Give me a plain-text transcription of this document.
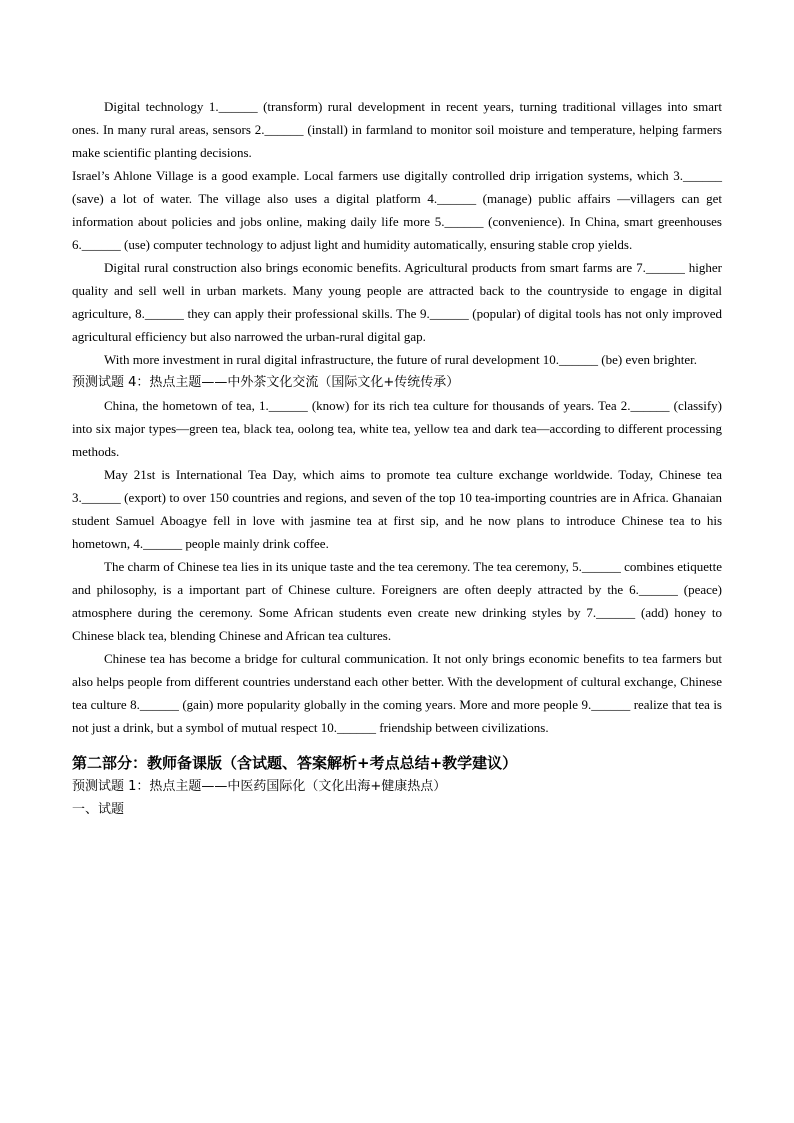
Digital technology 1.______ (transform) rural development in recent years, turning traditional villages into smart ones. In many rural areas, sensors 2.______ (install) in farmland to monitor soil moisture and temperature, helping farmers make scientific planting decisions.

Israel’s Ahlone Village is a good example. Local farmers use digitally controlled drip irrigation systems, which 3.______ (save) a lot of water. The village also uses a digital platform 4.______ (manage) public affairs —villagers can get information about policies and jobs online, making daily life more 5.______ (convenience). In China, smart greenhouses 6.______ (use) computer technology to adjust light and humidity automatically, ensuring stable crop yields.

Digital rural construction also brings economic benefits. Agricultural products from smart farms are 7.______ higher quality and sell well in urban markets. Many young people are attracted back to the countryside to engage in digital agriculture, 8.______ they can apply their professional skills. The 9.______ (popular) of digital tools has not only improved agricultural efficiency but also narrowed the urban-rural digital gap.

With more investment in rural digital infrastructure, the future of rural development 10.______ (be) even brighter.

预测试题 4：热点主题——中外茶文化交流（国际文化+传统传承）

China, the hometown of tea, 1.______ (know) for its rich tea culture for thousands of years. Tea 2.______ (classify) into six major types—green tea, black tea, oolong tea, white tea, yellow tea and dark tea—according to different processing methods.

May 21st is International Tea Day, which aims to promote tea culture exchange worldwide. Today, Chinese tea 3.______ (export) to over 150 countries and regions, and seven of the top 10 tea-importing countries are in Africa. Ghanaian student Samuel Aboagye fell in love with jasmine tea at first sip, and he now plans to introduce Chinese tea to his hometown, 4.______ people mainly drink coffee.

The charm of Chinese tea lies in its unique taste and the tea ceremony. The tea ceremony, 5.______ combines etiquette and philosophy, is a important part of Chinese culture. Foreigners are often deeply attracted by the 6.______ (peace) atmosphere during the ceremony. Some African students even create new drinking styles by 7.______ (add) honey to Chinese black tea, blending Chinese and African tea cultures.

Chinese tea has become a bridge for cultural communication. It not only brings economic benefits to tea farmers but also helps people from different countries understand each other better. With the development of cultural exchange, Chinese tea culture 8.______ (gain) more popularity globally in the coming years. More and more people 9.______ realize that tea is not just a drink, but a symbol of mutual respect 10.______ friendship between civilizations.

第二部分：教师备课版（含试题、答案解析+考点总结+教学建议）
预测试题 1：热点主题——中医药国际化（文化出海+健康热点）
一、试题
